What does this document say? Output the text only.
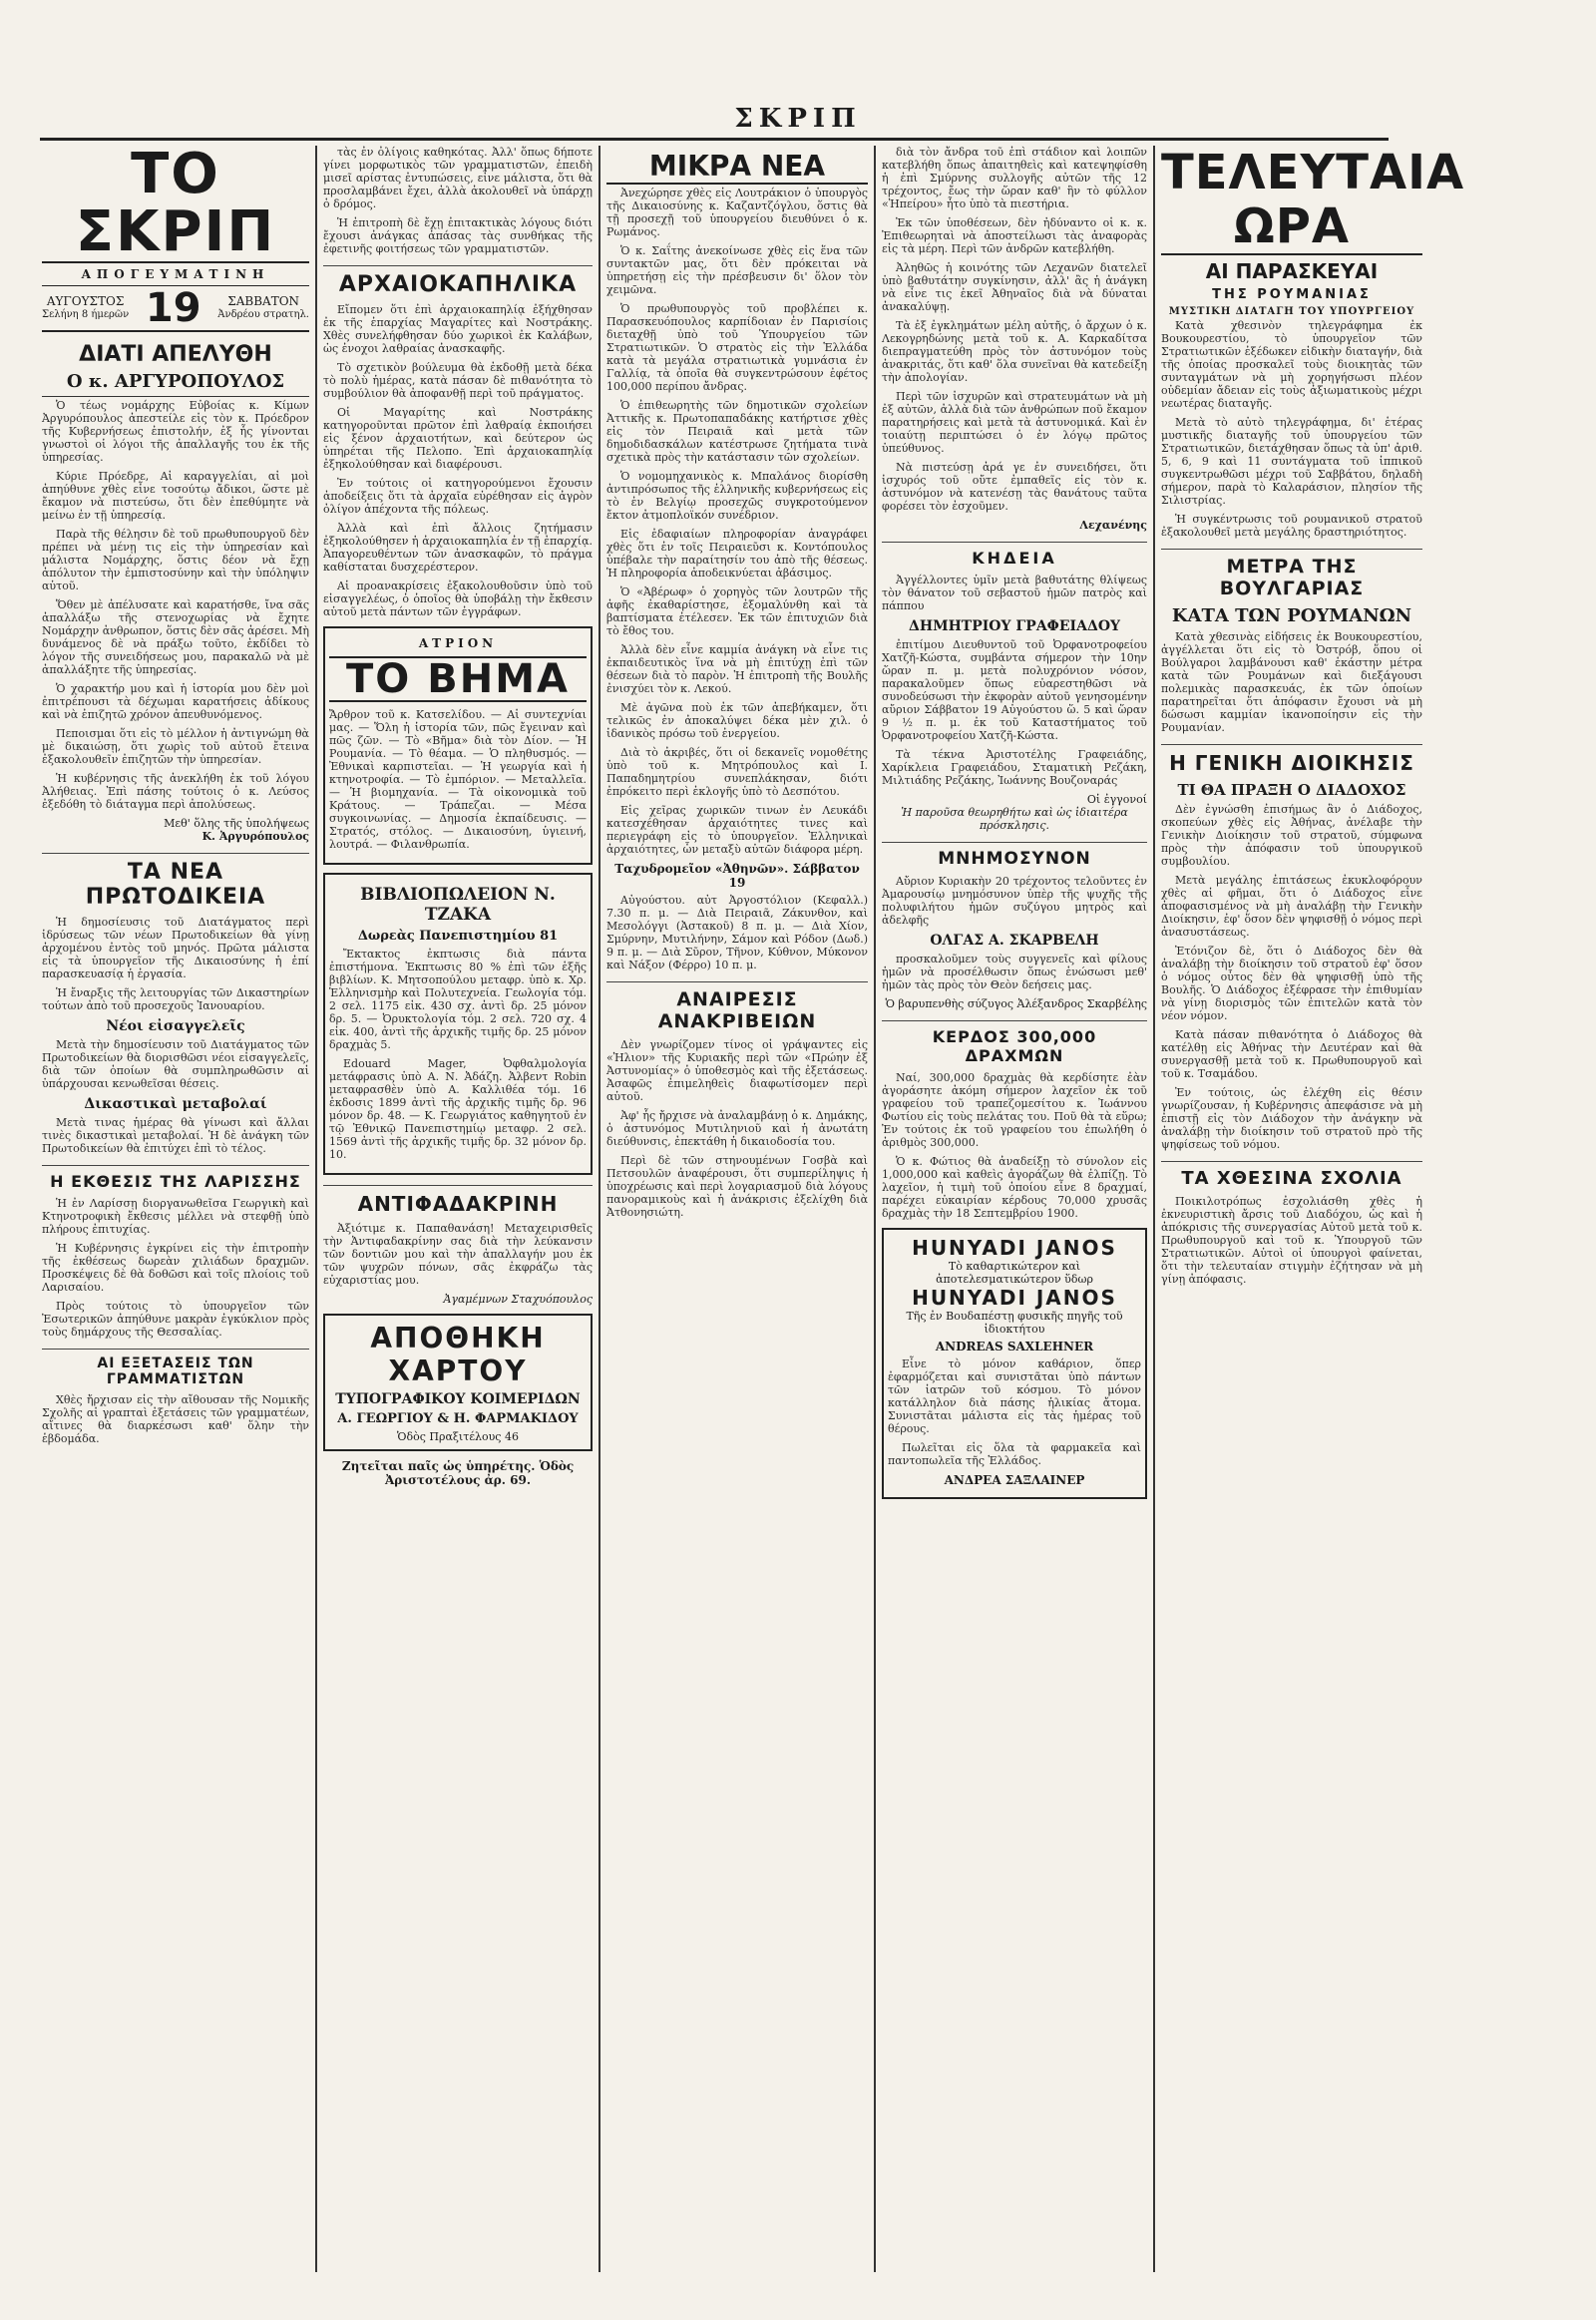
ΣΚΡΙΠ
ΤΟ ΣΚΡΙΠ
ΑΠΟΓΕΥΜΑΤΙΝΗ
ΑΥΓΟΥΣΤΟΣ
Σελήνη 8 ήμερῶν 19	ΣΑΒΒΑΤΟΝ
Ἀνδρέου στρατηλ.
ΔΙΑΤΙ ΑΠΕΛΥΘΗ
Ο κ. ΑΡΓΥΡΟΠΟΥΛΟΣ

Ὁ τέως νομάρχης Εὐβοίας κ. Κίμων Ἀργυρόπουλος ἀπεστείλε εἰς τὸν κ. Πρόεδρον τῆς Κυβερνήσεως ἐπιστολήν, ἐξ ἧς γίνονται γνωστοὶ οἱ λόγοι τῆς ἀπαλλαγῆς του ἐκ τῆς ὑπηρεσίας.

Κύριε Πρόεδρε, Αἱ καραγγελίαι, αἱ μοὶ ἀπηύθυνε χθὲς εἶνε τοσούτῳ ἄδικοι, ὥστε μὲ ἔκαμον νὰ πιστεύσω, ὅτι δὲν ἐπεθύμητε νὰ μείνω ἐν τῇ ὑπηρεσίᾳ.

Παρὰ τῆς θέλησιν δὲ τοῦ πρωθυπουργοῦ δὲν πρέπει νὰ μένῃ τις εἰς τὴν ὑπηρεσίαν καὶ μάλιστα Νομάρχης, ὅστις δέον νὰ ἔχῃ ἀπόλυτον τὴν ἐμπιστοσύνην καὶ τὴν ὑπόληψιν αὐτοῦ.

Ὅθεν μὲ ἀπέλυσατε καὶ καρατήσθε, ἴνα σᾶς ἀπαλλάξω τῆς στενοχωρίας νὰ ἔχητε Νομάρχην ἀνθρωπον, ὅστις δὲν σᾶς ἀρέσει. Μὴ δυνάμενος δὲ νὰ πράξω τοῦτο, ἐκδίδει τὸ λόγον τῆς συνειδήσεως μου, παρακαλῶ νὰ μὲ ἀπαλλάξητε τῆς ὑπηρεσίας.

Ὁ χαρακτήρ μου καὶ ἡ ἱστορία μου δὲν μοὶ ἐπιτρέπουσι τὰ δέχωμαι καρατήσεις ἀδίκους καὶ νὰ ἐπιζητῶ χρόνον ἀπευθυνόμενος.

Πεποισμαι ὅτι εἰς τὸ μέλλον ἡ ἀντιγνώμη θὰ μὲ δικαιώσῃ, ὅτι χωρὶς τοῦ αὐτοῦ ἔτεινα ἐξακολουθεῖν ἐπιζητῶν τὴν ὑπηρεσίαν.

Ἡ κυβέρνησις τῆς ἀνεκλήθη ἐκ τοῦ λόγου Ἀλήθειας. Ἐπὶ πάσης τούτοις ὁ κ. Λεύσος ἐξεδόθη τὸ διάταγμα περὶ ἀπολύσεως.

Μεθ' ὅλης τῆς ὑπολήψεως
Κ. Ἀργυρόπουλος
ΤΑ ΝΕΑ ΠΡΩΤΟΔΙΚΕΙΑ

Ἡ δημοσίευσις τοῦ Διατάγματος περὶ ἱδρύσεως τῶν νέων Πρωτοδικείων θὰ γίνῃ ἀρχομένου ἐντὸς τοῦ μηνός. Πρῶτα μάλιστα εἰς τὰ ὑπουργεῖον τῆς Δικαιοσύνης ἡ ἐπί παρασκευασίᾳ ἡ ἐργασία.

Ἡ ἔναρξις τῆς λειτουργίας τῶν Δικαστηρίων τούτων ἀπὸ τοῦ προσεχοῦς Ἰανουαρίου.

Νέοι εἰσαγγελεῖς

Μετὰ τὴν δημοσίευσιν τοῦ Διατάγματος τῶν Πρωτοδικείων θὰ διορισθῶσι νέοι εἰσαγγελεῖς, διὰ τῶν ὁποίων θὰ συμπληρωθῶσιν αἱ ὑπάρχουσαι κενωθεῖσαι θέσεις.

Δικαστικαὶ μεταβολαί

Μετὰ τινας ἡμέρας θὰ γίνωσι καὶ ἄλλαι τινὲς δικαστικαὶ μεταβολαί. Ἡ δὲ ἀνάγκη τῶν Πρωτοδικείων θὰ ἐπιτύχει ἐπὶ τὸ τέλος.

Η ΕΚΘΕΣΙΣ ΤΗΣ ΛΑΡΙΣΣΗΣ

Ἡ ἐν Λαρίσσῃ διοργανωθεῖσα Γεωργικὴ καὶ Κτηνοτροφικὴ ἔκθεσις μέλλει νὰ στεφθῇ ὑπὸ πλήρους ἐπιτυχίας.

Ἡ Κυβέρνησις ἐγκρίνει εἰς τὴν ἐπιτροπὴν τῆς ἐκθέσεως δωρεὰν χιλιάδων δραχμῶν. Προσκέψεις δὲ θὰ δοθῶσι καὶ τοῖς πλοίοις τοῦ Λαρισαίου.

Πρὸς τούτοις τὸ ὑπουργεῖον τῶν Ἐσωτερικῶν ἀπηύθυνε μακρὰν ἐγκύκλιον πρὸς τοὺς δημάρχους τῆς Θεσσαλίας.

ΑΙ ΕΞΕΤΑΣΕΙΣ ΤΩΝ ΓΡΑΜΜΑΤΙΣΤΩΝ

Χθὲς ἤρχισαν εἰς τὴν αἴθουσαν τῆς Νομικῆς Σχολῆς αἱ γραπταὶ ἐξετάσεις τῶν γραμματέων, αἴτινες θὰ διαρκέσωσι καθ' ὅλην τὴν ἑβδομάδα.

τὰς ἐν ὀλίγοις καθηκότας. Ἀλλ' ὅπως δήποτε γίνει μορφωτικὸς τῶν γραμματιστῶν, ἐπειδὴ μισεῖ αρίστας ἐντυπώσεις, εἶνε μάλιστα, ὅτι θὰ προσλαμβάνει ἔχει, ἀλλὰ ἀκολουθεῖ νὰ ὑπάρχῃ ὁ δρόμος.

Ἡ ἐπιτροπὴ δὲ ἔχῃ ἐπιτακτικὰς λόγους διότι ἔχουσι ἀνάγκας ἀπάσας τὰς συνθήκας τῆς ἐφετινῆς φοιτήσεως τῶν γραμματιστῶν.

ΑΡΧΑΙΟΚΑΠΗΛΙΚΑ

Εἴπομεν ὅτι ἐπὶ ἀρχαιοκαπηλίᾳ ἐξήχθησαν ἐκ τῆς ἐπαρχίας Μαγαρίτες καὶ Νοστράκης. Χθὲς συνελήφθησαν δύο χωρικοὶ ἐκ Καλάβων, ὡς ἐνοχοι λαθραίας ἀνασκαφῆς.

Τὸ σχετικὸν βούλευμα θὰ ἐκδοθῇ μετὰ δέκα τὸ πολὺ ἡμέρας, κατὰ πάσαν δὲ πιθανότητα τὸ συμβούλιον θὰ ἀποφανθῇ περὶ τοῦ πράγματος.

Οἱ Μαγαρίτης καὶ Νοστράκης κατηγοροῦνται πρῶτον ἐπὶ λαθραίᾳ ἐκποιήσει εἰς ξένον ἀρχαιοτήτων, καὶ δεύτερον ὡς ὑπηρέται τῆς Πελοπο. Ἐπὶ ἀρχαιοκαπηλίᾳ ἐξηκολούθησαν καὶ διαφέρουσι.

Ἐν τούτοις οἱ κατηγορούμενοι ἔχουσιν ἀποδείξεις ὅτι τὰ ἀρχαῖα εὐρέθησαν εἰς ἀγρὸν ὀλίγον ἀπέχοντα τῆς πόλεως.

Ἀλλὰ καὶ ἐπὶ ἄλλοις ζητήμασιν ἐξηκολούθησεν ἡ ἀρχαιοκαπηλία ἐν τῇ ἐπαρχίᾳ. Ἀπαγορευθέντων τῶν ἀνασκαφῶν, τὸ πράγμα καθίσταται δυσχερέστερον.

Αἱ προανακρίσεις ἐξακολουθοῦσιν ὑπὸ τοῦ εἰσαγγελέως, ὁ ὁποῖος θὰ ὑποβάλῃ τὴν ἔκθεσιν αὐτοῦ μετὰ πάντων τῶν ἐγγράφων.

ΑΤΡΙΟΝ
ΤΟ ΒΗΜΑ

Ἄρθρον τοῦ κ. Κατσελίδου. — Αἱ συντεχνίαι μας. — Ὅλη ἡ ἱστορία τῶν, πῶς ἔγειναν καὶ πῶς ζῶν. — Τὸ «Βῆμα» διὰ τὸν Δίον. — Ἡ Ρουμανία. — Τὸ θέαμα. — Ὁ πληθυσμός. — Ἐθνικαὶ καρπιστεῖαι. — Ἡ γεωργία καὶ ἡ κτηνοτροφία. — Τὸ ἐμπόριον. — Μεταλλεῖα. — Ἡ βιομηχανία. — Τὰ οἰκονομικὰ τοῦ Κράτους. — Τράπεζαι. — Μέσα συγκοινωνίας. — Δημοσία ἐκπαίδευσις. — Στρατός, στόλος. — Δικαιοσύνη, ὑγιεινή, λουτρά. — Φιλανθρωπία.

ΒΙΒΛΙΟΠΩΛΕΙΟΝ Ν. ΤΖΑΚΑ
Δωρεὰς Πανεπιστημίου 81

Ἔκτακτος ἐκπτωσις διὰ πάντα ἐπιστήμονα. Ἐκπτωσις 80 % ἐπὶ τῶν ἑξῆς βιβλίων. Κ. Μητσοπούλου μεταφρ. ὑπὸ κ. Χρ. Ἑλληνισμὴρ καὶ Πολυτεχνεία. Γεωλογία τόμ. 2 σελ. 1175 εἰκ. 430 σχ. ἀντὶ δρ. 25 μόνον δρ. 5. — Ὀρυκτολογία τόμ. 2 σελ. 720 σχ. 4 εἰκ. 400, ἀντὶ τῆς ἀρχικῆς τιμῆς δρ. 25 μόνον δραχμὰς 5.

Edouard Mager, Ὀφθαλμολογία μετάφρασις ὑπὸ Α. Ν. Ἀδάζη. Ἀλβεντ Robin μεταφρασθὲν ὑπὸ Α. Καλλιθέα τόμ. 16 ἐκδοσις 1899 ἀντὶ τῆς ἀρχικῆς τιμῆς δρ. 96 μόνον δρ. 48. — Κ. Γεωργιάτος καθηγητοῦ ἐν τῷ Ἐθνικῷ Πανεπιστημίῳ μεταφρ. 2 σελ. 1569 ἀντὶ τῆς ἀρχικῆς τιμῆς δρ. 32 μόνον δρ. 10.

ΑΝΤΙΦΑΔΑΚΡΙΝΗ

Ἀξιότιμε κ. Παπαθανάση! Μεταχειρισθεῖς τὴν Ἀντιφαδακρίνην σας διὰ τὴν λεύκανσιν τῶν δοντιῶν μου καὶ τὴν ἀπαλλαγήν μου ἐκ τῶν ψυχρῶν πόνων, σᾶς ἐκφράζω τὰς εὐχαριστίας μου.

Ἀγαμέμνων Σταχυόπουλος
ΑΠΟΘΗΚΗ ΧΑΡΤΟΥ
ΤΥΠΟΓΡΑΦΙΚΟΥ ΚΟΙΜΕΡΙΔΩΝ
Α. ΓΕΩΡΓΙΟΥ & Η. ΦΑΡΜΑΚΙΔΟΥ
Ὁδὸς Πραξιτέλους 46
Ζητεῖται παῖς ὡς ὑπηρέτης. Ὁδὸς Ἀριστοτέλους ἀρ. 69.
ΜΙΚΡΑ ΝΕΑ

Ἀνεχώρησε χθὲς εἰς Λουτράκιον ὁ ὑπουργὸς τῆς Δικαιοσύνης κ. Καζαντζόγλου, ὅστις θὰ τῇ προσεχῇ τοῦ ὑπουργείου διευθύνει ὁ κ. Ρωμάνος.

Ὁ κ. Σαΐτης ἀνεκοίνωσε χθὲς εἰς ἕνα τῶν συντακτῶν μας, ὅτι δὲν πρόκειται νὰ ὑπηρετήσῃ εἰς τὴν πρέσβευσιν δι' ὅλον τὸν χειμῶνα.

Ὁ πρωθυπουργὸς τοῦ προβλέπει κ. Παρασκευόπουλος καρπίδοιαν ἐν Παρισίοις διεταχθῇ ὑπὸ τοῦ Ὑπουργείου τῶν Στρατιωτικῶν. Ὁ στρατὸς εἰς τὴν Ἑλλάδα κατὰ τὰ μεγάλα στρατιωτικὰ γυμνάσια ἐν Γαλλίᾳ, τὰ ὁποῖα θὰ συγκεντρώσουν ἐφέτος 100,000 περίπου ἄνδρας.

Ὁ ἐπιθεωρητὴς τῶν δημοτικῶν σχολείων Ἀττικῆς κ. Πρωτοπαπαδάκης κατήρτισε χθὲς εἰς τὸν Πειραιᾶ καὶ μετὰ τῶν δημοδιδασκάλων κατέστρωσε ζητήματα τινὰ σχετικὰ πρὸς τὴν κατάστασιν τῶν σχολείων.

Ὁ νομομηχανικὸς κ. Μπαλάνος διορίσθη ἀντιπρόσωπος τῆς ἑλληνικῆς κυβερνήσεως εἰς τὸ ἐν Βελγίῳ προσεχῶς συγκροτούμενον ἔκτον ἀτμοπλοϊκόν συνέδριον.

Εἰς ἐδαφιαίων πληροφορίαν ἀναγράφει χθὲς ὅτι ἐν τοῖς Πειραιεῦσι κ. Κοντόπουλος ὑπέβαλε τὴν παραίτησίν του ἀπὸ τῆς θέσεως. Ἡ πληροφορία ἀποδεικνύεται ἀβάσιμος.

Ὁ «Ἀβέρωφ» ὁ χορηγὸς τῶν λουτρῶν τῆς ἀφῆς ἐκαθαρίστησε, ἐξομαλύνθη καὶ τὰ βαπτίσματα ἐτέλεσεν. Ἐκ τῶν ἐπιτυχιῶν διὰ τὸ ἔθος του.

Ἀλλὰ δὲν εἶνε καμμία ἀνάγκη νὰ εἶνε τις ἐκπαιδευτικὸς ἵνα νὰ μὴ ἐπιτύχῃ ἐπὶ τῶν θέσεων διὰ τὸ παρὸν. Ἡ ἐπιτροπὴ τῆς Βουλῆς ἐνισχύει τὸν κ. Λεκού.

Μὲ ἀγῶνα ποὺ ἐκ τῶν ἀπεβήκαμεν, ὅτι τελικῶς ἐν ἀποκαλύψει δέκα μὲν χιλ. ὁ ἰδανικὸς πρόσω τοῦ ἐνεργείου.

Διὰ τὸ ἀκριβές, ὅτι οἱ δεκανεῖς νομοθέτης ὑπὸ τοῦ κ. Μητρόπουλος καὶ Ι. Παπαδημητρίου συνεπλάκησαν, διότι ἐπρόκειτο περὶ ἐκλογῆς ὑπὸ τὸ Δεσπότου.

Εἰς χεῖρας χωρικῶν τινων ἐν Λευκάδι κατεσχέθησαν ἀρχαιότητες τινες καὶ περιεγράφη εἰς τὸ ὑπουργεῖον. Ἐλληνικαὶ ἀρχαιότητες, ὧν μεταξὺ αὐτῶν διάφορα μέρη.

Ταχυδρομεῖον «Ἀθηνῶν». Σάββατον 19

Αὐγούστου. αὐτ Ἀργοστόλιον (Κεφαλλ.) 7.30 π. μ. — Διὰ Πειραιᾶ, Ζάκυνθον, καὶ Μεσολόγγι (Ἀστακοῦ) 8 π. μ. — Διὰ Χίον, Σμύρνην, Μυτιλήνην, Σάμον καὶ Ρόδον (Δωδ.) 9 π. μ. — Διὰ Σῦρον, Τῆνον, Κύθνον, Μύκονον καὶ Νάξον (Φέρρο) 10 π. μ.

ΑΝΑΙΡΕΣΙΣ ΑΝΑΚΡΙΒΕΙΩΝ

Δὲν γνωρίζομεν τίνος οἱ γράψαντες εἰς «Ἡλιον» τῆς Κυριακῆς περὶ τῶν «Πρώην ἐξ Ἀστυνομίας» ὁ ὑποθεσμὸς καὶ τῆς ἐξετάσεως. Ἀσαφῶς ἐπιμεληθεὶς διαφωτίσομεν περὶ αὐτοῦ.

Ἀφ' ἧς ἤρχισε νὰ ἀναλαμβάνῃ ὁ κ. Δημάκης, ὁ ἀστυνόμος Μυτιληνιοῦ καὶ ἡ ἀνωτάτη διεύθυνσις, ἐπεκτάθη ἡ δικαιοδοσία του.

Περὶ δὲ τῶν στηνουμένων Γοσβὰ καὶ Πετσουλῶν ἀναφέρουσι, ὅτι συμπερίληψις ἡ ὑποχρέωσις καὶ περὶ λογαριασμοῦ διὰ λόγους πανοραμικοὺς καὶ ἡ ἀνάκρισις ἐξελίχθη διὰ Ἀτθονησιώτη.

διὰ τὸν ἄνδρα τοῦ ἐπὶ στάδιον καὶ λοιπῶν κατεβλήθη ὅπως ἀπαιτηθεὶς καὶ κατεψηφίσθη ἡ ἐπὶ Σμύρνης συλλογῆς αὐτῶν τῆς 12 τρέχοντος, ἔως τὴν ὥραν καθ' ἣν τὸ φύλλον «Ἠπείρου» ἦτο ὑπὸ τὰ πιεστήρια.

Ἐκ τῶν ὑποθέσεων, δὲν ἠδύναντο οἱ κ. κ. Ἐπιθεωρηταὶ νὰ ἀποστείλωσι τὰς ἀναφορὰς εἰς τὰ μέρη. Περὶ τῶν ἀνδρῶν κατεβλήθη.

Ἀληθῶς ἡ κοινότης τῶν Λεχανῶν διατελεῖ ὑπὸ βαθυτάτην συγκίνησιν, ἀλλ' ἂς ἡ ἀνάγκη νὰ εἶνε τις ἐκεῖ Ἀθηναῖος διὰ νὰ δύναται ἀνακαλύψῃ.

Τὰ ἐξ ἐγκλημάτων μέλη αὐτῆς, ὁ ἄρχων ὁ κ. Λεκογρηδώνης μετὰ τοῦ κ. Α. Καρκαδίτσα διεπραγματεύθη πρὸς τὸν ἀστυνόμον τοὺς ἀνακριτάς, ὅτι καθ' ὅλα συνεῖναι θὰ κατεδείξη τὴν ἀπολογίαν.

Περὶ τῶν ἰσχυρῶν καὶ στρατευμάτων νὰ μὴ ἐξ αὐτῶν, ἀλλὰ διὰ τῶν ἀνθρώπων ποῦ ἔκαμον παρατηρήσεις καὶ μετὰ τὰ ἀστυνομικά. Καὶ ἐν τοιαύτῃ περιπτώσει ὁ ἐν λόγῳ πρῶτος ὑπεύθυνος.

Νὰ πιστεύσῃ ἀρά γε ἐν συνειδήσει, ὅτι ἰσχυρός τοῦ οὔτε ἐμπαθεῖς εἰς τὸν κ. ἀστυνόμον νὰ κατενέσῃ τὰς θανάτους ταῦτα φορέσει τὸν ἐσχοῦμεν.

Λεχανένης
ΚΗΔΕΙΑ

Ἀγγέλλοντες ὑμῖν μετὰ βαθυτάτης θλίψεως τὸν θάνατον τοῦ σεβαστοῦ ἡμῶν πατρὸς καὶ πάππου

ΔΗΜΗΤΡΙΟΥ ΓΡΑΦΕΙΑΔΟΥ

ἐπιτίμου Διευθυντοῦ τοῦ Ὀρφανοτροφείου Χατζῆ-Κώστα, συμβάντα σήμερον τὴν 10ην ὥραν π. μ. μετὰ πολυχρόνιον νόσον, παρακαλοῦμεν ὅπως εὐαρεστηθῶσι νὰ συνοδεύσωσι τὴν ἐκφορὰν αὐτοῦ γενησομένην αὔριον Σάββατον 19 Αὐγούστου ὥ. 5 καὶ ὥραν 9 ½ π. μ. ἐκ τοῦ Καταστήματος τοῦ Ὀρφανοτροφείου Χατζῆ-Κώστα.

Τὰ τέκνα Ἀριστοτέλης Γραφειάδης, Χαρίκλεια Γραφειάδου, Σταματικὴ Ρεζάκη, Μιλτιάδης Ρεζάκης, Ἰωάννης Βουζοναράς

Οἱ ἐγγονοί
Ἡ παροῦσα θεωρηθήτω καὶ ὡς ἰδιαιτέρα πρόσκλησις.
ΜΝΗΜΟΣΥΝΟΝ

Αὔριον Κυριακὴν 20 τρέχοντος τελοῦντες ἐν Ἀμαρουσίῳ μνημόσυνον ὑπὲρ τῆς ψυχῆς τῆς πολυφιλήτου ἡμῶν συζύγου μητρὸς καὶ ἀδελφῆς

ΟΛΓΑΣ Α. ΣΚΑΡΒΕΛΗ

προσκαλοῦμεν τοὺς συγγενεῖς καὶ φίλους ἡμῶν νὰ προσέλθωσιν ὅπως ἑνώσωσι μεθ' ἡμῶν τὰς πρὸς τὸν Θεὸν δεήσεις μας.

Ὁ βαρυπενθὴς σύζυγος Ἀλέξανδρος Σκαρβέλης
ΚΕΡΔΟΣ 300,000 ΔΡΑΧΜΩΝ

Ναί, 300,000 δραχμὰς θὰ κερδίσητε ἐὰν ἀγοράσητε ἀκόμη σήμερον λαχεῖον ἐκ τοῦ γραφείου τοῦ τραπεζομεσίτου κ. Ἰωάννου Φωτίου εἰς τοὺς πελάτας του. Ποῦ θὰ τὰ εὕρω; Ἐν τούτοις ἐκ τοῦ γραφείου του ἐπωλήθη ὁ ἀριθμὸς 300,000.

Ὁ κ. Φώτιος θὰ ἀναδείξῃ τὸ σύνολον εἰς 1,000,000 καὶ καθεὶς ἀγοράζων θὰ ἐλπίζῃ. Τὸ λαχεῖον, ἡ τιμὴ τοῦ ὁποίου εἶνε 8 δραχμαί, παρέχει εὐκαιρίαν κέρδους 70,000 χρυσᾶς δραχμὰς τὴν 18 Σεπτεμβρίου 1900.

HUNYADI JANOS
Τὸ καθαρτικώτερον καὶ ἀποτελεσματικώτερον ὕδωρ
HUNYADI JANOS
Τῆς ἐν Βουδαπέστῃ φυσικῆς πηγῆς τοῦ ἰδιοκτήτου
ANDREAS SAXLEHNER

Εἶνε τὸ μόνον καθάριον, ὅπερ ἐφαρμόζεται καὶ συνιστᾶται ὑπὸ πάντων τῶν ἰατρῶν τοῦ κόσμου. Τὸ μόνον κατάλληλον διὰ πάσης ἡλικίας ἄτομα. Συνιστᾶται μάλιστα εἰς τὰς ἡμέρας τοῦ θέρους.

Πωλεῖται εἰς ὅλα τὰ φαρμακεῖα καὶ παντοπωλεῖα τῆς Ἑλλάδος.

ΑΝΔΡΕΑ ΣΑΞΛΑΙΝΕΡ
ΤΕΛΕΥΤΑΙΑ ΩΡΑ
ΑΙ ΠΑΡΑΣΚΕΥΑΙ
ΤΗΣ ΡΟΥΜΑΝΙΑΣ
ΜΥΣΤΙΚΗ ΔΙΑΤΑΓΗ ΤΟΥ ΥΠΟΥΡΓΕΙΟΥ

Κατὰ χθεσινὸν τηλεγράφημα ἐκ Βουκουρεστίου, τὸ ὑπουργεῖον τῶν Στρατιωτικῶν ἐξέδωκεν εἰδικὴν διαταγήν, διὰ τῆς ὁποίας προσκαλεῖ τοὺς διοικητὰς τῶν συνταγμάτων νὰ μὴ χορηγήσωσι πλέον οὐδεμίαν ἄδειαν εἰς τοὺς ἀξιωματικοὺς μέχρι νεωτέρας διαταγῆς.

Μετὰ τὸ αὐτὸ τηλεγράφημα, δι' ἑτέρας μυστικῆς διαταγῆς τοῦ ὑπουργείου τῶν Στρατιωτικῶν, διετάχθησαν ὅπως τὰ ὑπ' ἀριθ. 5, 6, 9 καὶ 11 συντάγματα τοῦ ἱππικοῦ συγκεντρωθῶσι μέχρι τοῦ Σαββάτου, δηλαδὴ σήμερον, παρὰ τὸ Καλαράσιον, πλησίον τῆς Σιλιστρίας.

Ἡ συγκέντρωσις τοῦ ρουμανικοῦ στρατοῦ ἐξακολουθεῖ μετὰ μεγάλης δραστηριότητος.

ΜΕΤΡΑ ΤΗΣ ΒΟΥΛΓΑΡΙΑΣ
ΚΑΤΑ ΤΩΝ ΡΟΥΜΑΝΩΝ

Κατὰ χθεσινὰς εἰδήσεις ἐκ Βουκουρεστίου, ἀγγέλλεται ὅτι εἰς τὸ Ὀστρόβ, ὅπου οἱ Βούλγαροι λαμβάνουσι καθ' ἑκάστην μέτρα κατὰ τῶν Ρουμάνων καὶ διεξάγουσι πολεμικὰς παρασκευάς, ἐκ τῶν ὁποίων παρατηρεῖται ὅτι ἀπόφασιν ἔχουσι νὰ μὴ δώσωσι καμμίαν ἱκανοποίησιν εἰς τὴν Ρουμανίαν.

Η ΓΕΝΙΚΗ ΔΙΟΙΚΗΣΙΣ
ΤΙ ΘΑ ΠΡΑΞΗ Ο ΔΙΑΔΟΧΟΣ

Δὲν ἐγνώσθη ἐπισήμως ἂν ὁ Διάδοχος, σκοπεύων χθὲς εἰς Ἀθήνας, ἀνέλαβε τὴν Γενικὴν Διοίκησιν τοῦ στρατοῦ, σύμφωνα πρὸς τὴν ἀπόφασιν τοῦ ὑπουργικοῦ συμβουλίου.

Μετὰ μεγάλης ἐπιτάσεως ἐκυκλοφόρουν χθὲς αἱ φῆμαι, ὅτι ὁ Διάδοχος εἶνε ἀποφασισμένος νὰ μὴ ἀναλάβῃ τὴν Γενικὴν Διοίκησιν, ἐφ' ὅσον δὲν ψηφισθῇ ὁ νόμος περὶ ἀνασυστάσεως.

Ἐτόνιζον δὲ, ὅτι ὁ Διάδοχος δὲν θὰ ἀναλάβῃ τὴν διοίκησιν τοῦ στρατοῦ ἐφ' ὅσον ὁ νόμος οὗτος δὲν θὰ ψηφισθῇ ὑπὸ τῆς Βουλῆς. Ὁ Διάδοχος ἐξέφρασε τὴν ἐπιθυμίαν νὰ γίνῃ διορισμὸς τῶν ἐπιτελῶν κατὰ τὸν νέον νόμον.

Κατὰ πάσαν πιθανότητα ὁ Διάδοχος θὰ κατέλθῃ εἰς Ἀθήνας τὴν Δευτέραν καὶ θὰ συνεργασθῇ μετὰ τοῦ κ. Πρωθυπουργοῦ καὶ τοῦ κ. Τσαμάδου.

Ἐν τούτοις, ὡς ἐλέχθη εἰς θέσιν γνωρίζουσαν, ἡ Κυβέρνησις ἀπεφάσισε νὰ μὴ ἐπιστῇ εἰς τὸν Διάδοχον τὴν ἀνάγκην νὰ ἀναλάβῃ τὴν διοίκησιν τοῦ στρατοῦ πρὸ τῆς ψηφίσεως τοῦ νόμου.

ΤΑ ΧΘΕΣΙΝΑ ΣΧΟΛΙΑ

Ποικιλοτρόπως ἐσχολιάσθη χθὲς ἡ ἐκνευριστικὴ ἄρσις τοῦ Διαδόχου, ὡς καὶ ἡ ἀπόκρισις τῆς συνεργασίας Αὐτοῦ μετὰ τοῦ κ. Πρωθυπουργοῦ καὶ τοῦ κ. Ὑπουργοῦ τῶν Στρατιωτικῶν. Αὐτοὶ οἱ ὑπουργοὶ φαίνεται, ὅτι τὴν τελευταίαν στιγμὴν ἐζήτησαν νὰ μὴ γίνῃ ἀπόφασις.
